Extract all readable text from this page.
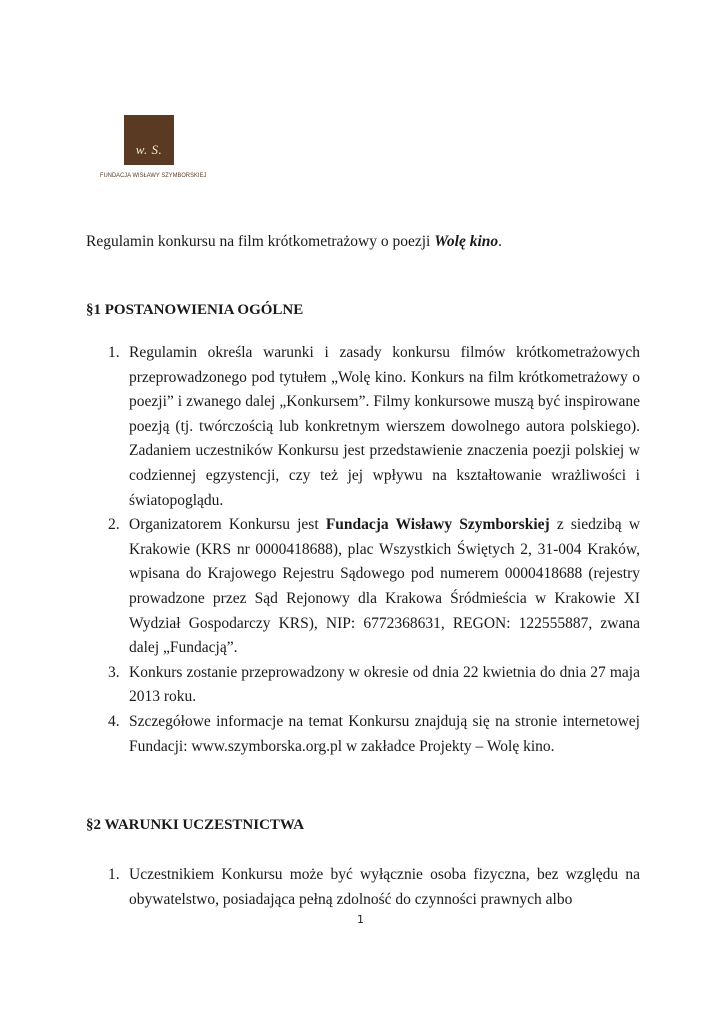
w. S.
FUNDACJA WISŁAWY SZYMBORSKIEJ
Regulamin konkursu na film krótkometrażowy o poezji Wolę kino.
§1 POSTANOWIENIA OGÓLNE
1. Regulamin określa warunki i zasady konkursu filmów krótkometrażowych przeprowadzonego pod tytułem „Wolę kino. Konkurs na film krótkometrażowy o poezji” i zwanego dalej „Konkursem”. Filmy konkursowe muszą być inspirowane poezją (tj. twórczością lub konkretnym wierszem dowolnego autora polskiego). Zadaniem uczestników Konkursu jest przedstawienie znaczenia poezji polskiej w codziennej egzystencji, czy też jej wpływu na kształtowanie wrażliwości i światopoglądu.
2. Organizatorem Konkursu jest Fundacja Wisławy Szymborskiej z siedzibą w Krakowie (KRS nr 0000418688), plac Wszystkich Świętych 2, 31-004 Kraków, wpisana do Krajowego Rejestru Sądowego pod numerem 0000418688 (rejestry prowadzone przez Sąd Rejonowy dla Krakowa Śródmieścia w Krakowie XI Wydział Gospodarczy KRS), NIP: 6772368631, REGON: 122555887, zwana dalej „Fundacją”.
3. Konkurs zostanie przeprowadzony w okresie od dnia 22 kwietnia do dnia 27 maja 2013 roku.
4. Szczegółowe informacje na temat Konkursu znajdują się na stronie internetowej Fundacji: www.szymborska.org.pl w zakładce Projekty – Wolę kino.
§2 WARUNKI UCZESTNICTWA
1. Uczestnikiem Konkursu może być wyłącznie osoba fizyczna, bez względu na obywatelstwo, posiadająca pełną zdolność do czynności prawnych albo
1
